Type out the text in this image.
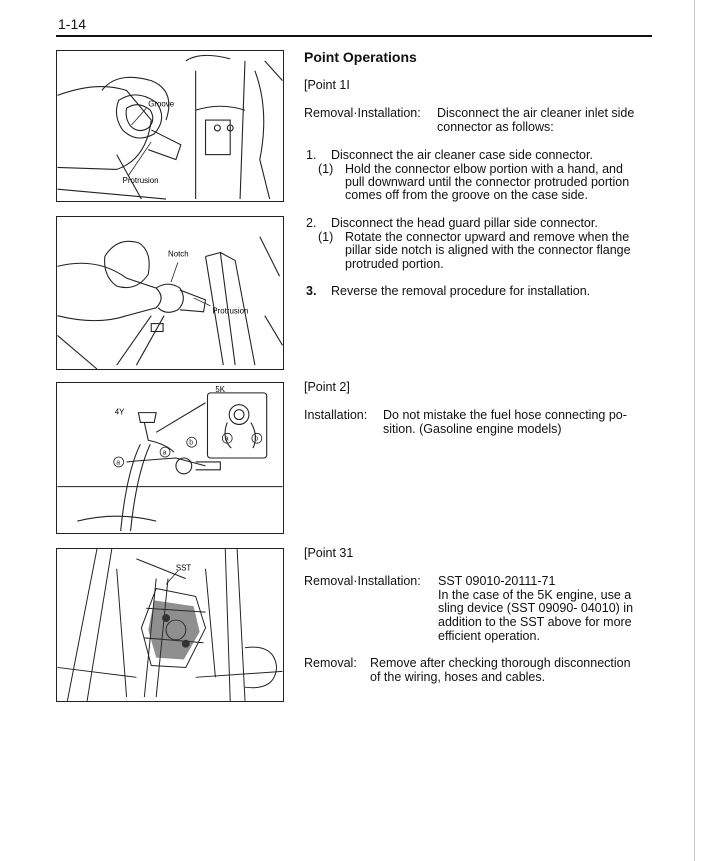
1-14
Groove
Protrusion
Notch
Protrusion
a
a
b
a	b
5K
4Y
SST
Point Operations
[Point 1I
Removal·Installation: Disconnect the air cleaner inlet side
connector as follows:
1. Disconnect the air cleaner case side connector.
(1) Hold the connector elbow portion with a hand, and
pull downward until the connector protruded portion
comes off from the groove on the case side.
2. Disconnect the head guard pillar side connector.
(1) Rotate the connector upward and remove when the
pillar side notch is aligned with the connector flange
protruded portion.
3. Reverse the removal procedure for installation.
[Point 2]
Installation: Do not mistake the fuel hose connecting po-
sition. (Gasoline engine models)
[Point 31
Removal·Installation: SST 09010-20111-71
In the case of the 5K engine, use a
sling device (SST 09090- 04010) in
addition to the SST above for more
efficient operation.
Removal: Remove after checking thorough disconnection
of the wiring, hoses and cables.
